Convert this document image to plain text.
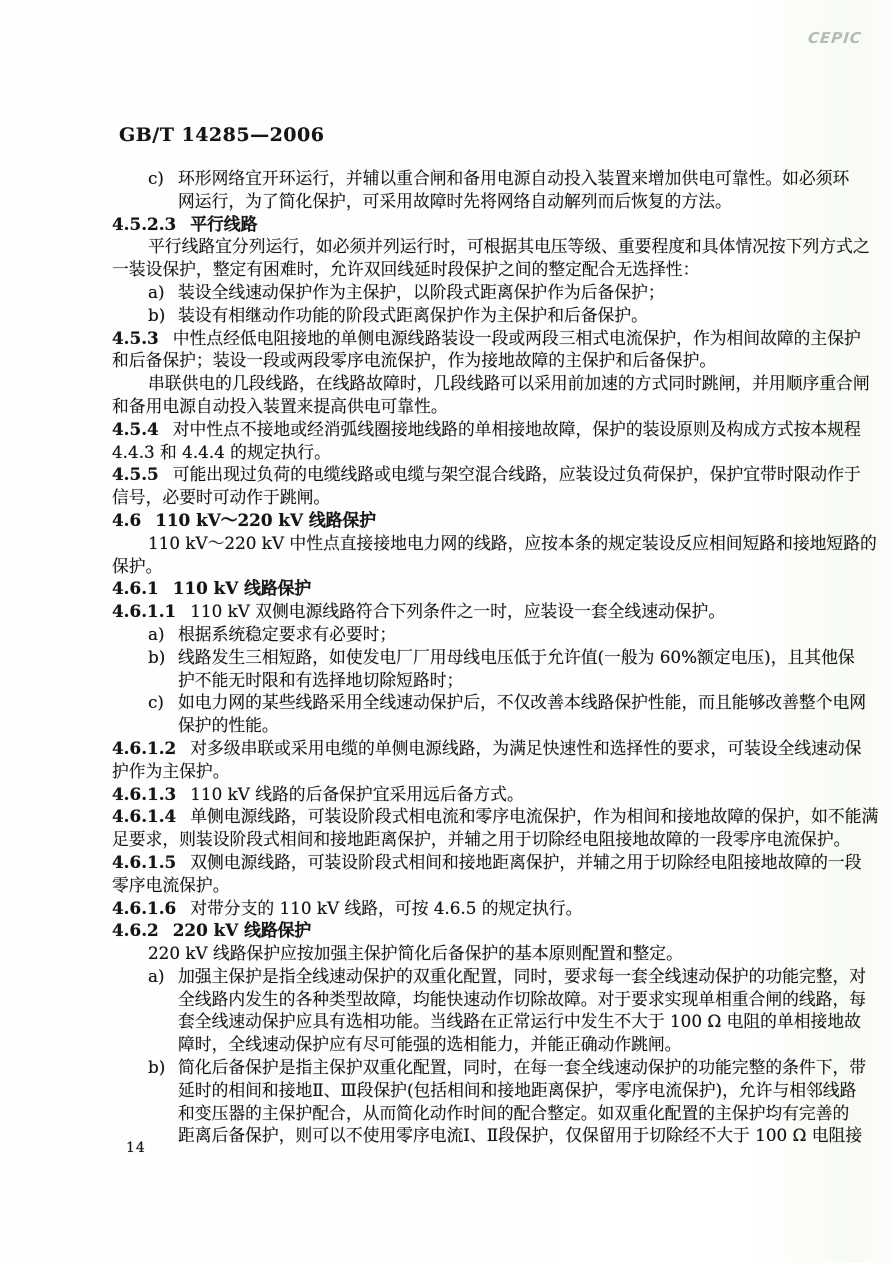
CEPIC
GB/T 14285—2006
c) 环形网络宜开环运行，并辅以重合闸和备用电源自动投入装置来增加供电可靠性。如必须环
网运行，为了简化保护，可采用故障时先将网络自动解列而后恢复的方法。
4.5.2.3 平行线路
平行线路宜分列运行，如必须并列运行时，可根据其电压等级、重要程度和具体情况按下列方式之
一装设保护，整定有困难时，允许双回线延时段保护之间的整定配合无选择性：
a) 装设全线速动保护作为主保护，以阶段式距离保护作为后备保护；
b) 装设有相继动作功能的阶段式距离保护作为主保护和后备保护。
4.5.3 中性点经低电阻接地的单侧电源线路装设一段或两段三相式电流保护，作为相间故障的主保护
和后备保护；装设一段或两段零序电流保护，作为接地故障的主保护和后备保护。
串联供电的几段线路，在线路故障时，几段线路可以采用前加速的方式同时跳闸，并用顺序重合闸
和备用电源自动投入装置来提高供电可靠性。
4.5.4 对中性点不接地或经消弧线圈接地线路的单相接地故障，保护的装设原则及构成方式按本规程
4.4.3 和 4.4.4 的规定执行。
4.5.5 可能出现过负荷的电缆线路或电缆与架空混合线路，应装设过负荷保护，保护宜带时限动作于
信号，必要时可动作于跳闸。
4.6 110 kV～220 kV 线路保护
110 kV～220 kV 中性点直接接地电力网的线路，应按本条的规定装设反应相间短路和接地短路的
保护。
4.6.1 110 kV 线路保护
4.6.1.1 110 kV 双侧电源线路符合下列条件之一时，应装设一套全线速动保护。
a) 根据系统稳定要求有必要时；
b) 线路发生三相短路，如使发电厂厂用母线电压低于允许值(一般为 60%额定电压)，且其他保
护不能无时限和有选择地切除短路时；
c) 如电力网的某些线路采用全线速动保护后，不仅改善本线路保护性能，而且能够改善整个电网
保护的性能。
4.6.1.2 对多级串联或采用电缆的单侧电源线路，为满足快速性和选择性的要求，可装设全线速动保
护作为主保护。
4.6.1.3 110 kV 线路的后备保护宜采用远后备方式。
4.6.1.4 单侧电源线路，可装设阶段式相电流和零序电流保护，作为相间和接地故障的保护，如不能满
足要求，则装设阶段式相间和接地距离保护，并辅之用于切除经电阻接地故障的一段零序电流保护。
4.6.1.5 双侧电源线路，可装设阶段式相间和接地距离保护，并辅之用于切除经电阻接地故障的一段
零序电流保护。
4.6.1.6 对带分支的 110 kV 线路，可按 4.6.5 的规定执行。
4.6.2 220 kV 线路保护
220 kV 线路保护应按加强主保护简化后备保护的基本原则配置和整定。
a) 加强主保护是指全线速动保护的双重化配置，同时，要求每一套全线速动保护的功能完整，对
全线路内发生的各种类型故障，均能快速动作切除故障。对于要求实现单相重合闸的线路，每
套全线速动保护应具有选相功能。当线路在正常运行中发生不大于 100 Ω 电阻的单相接地故
障时，全线速动保护应有尽可能强的选相能力，并能正确动作跳闸。
b) 简化后备保护是指主保护双重化配置，同时，在每一套全线速动保护的功能完整的条件下，带
延时的相间和接地Ⅱ、Ⅲ段保护(包括相间和接地距离保护，零序电流保护)，允许与相邻线路
和变压器的主保护配合，从而简化动作时间的配合整定。如双重化配置的主保护均有完善的
距离后备保护，则可以不使用零序电流Ⅰ、Ⅱ段保护，仅保留用于切除经不大于 100 Ω 电阻接
14
